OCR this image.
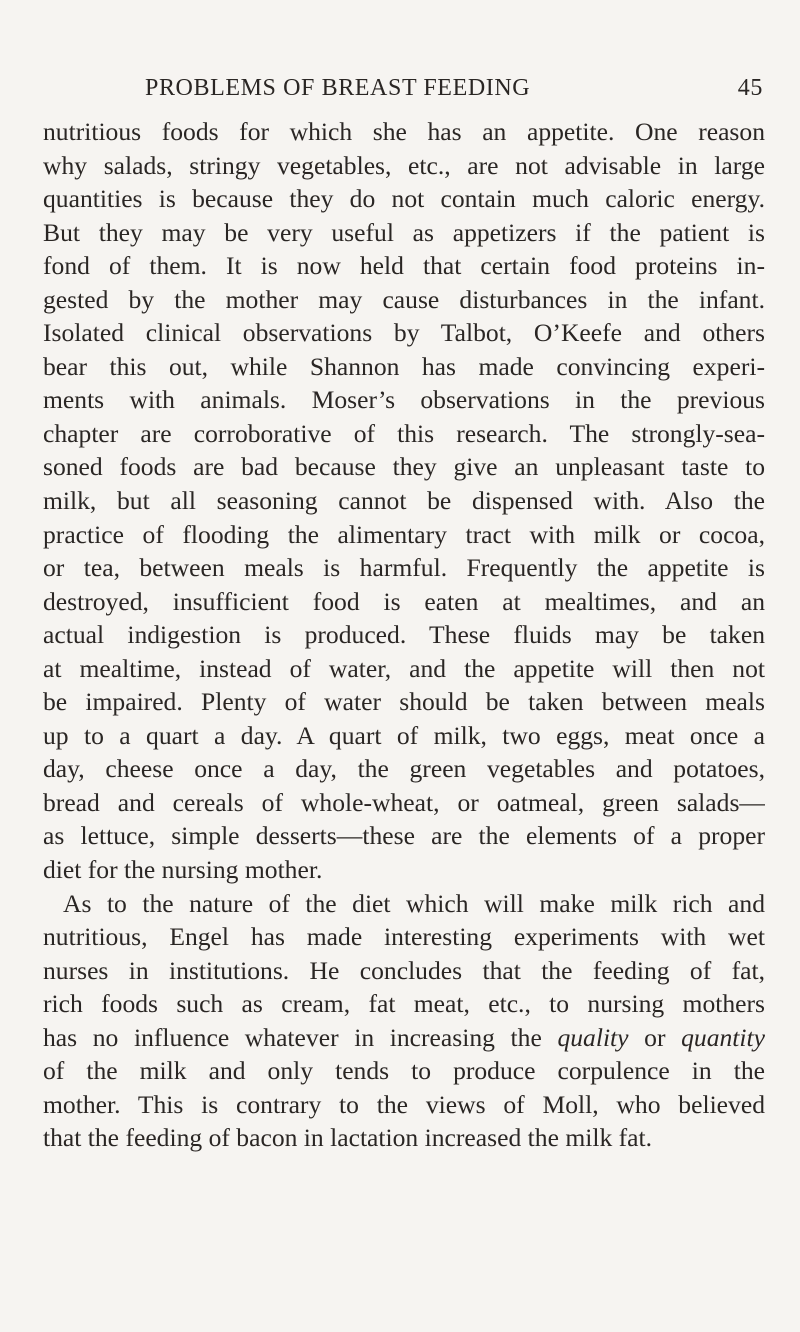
PROBLEMS OF BREAST FEEDING	45
nutritious foods for which she has an appetite. One reason
why salads, stringy vegetables, etc., are not advisable in large
quantities is because they do not contain much caloric energy.
But they may be very useful as appetizers if the patient is
fond of them. It is now held that certain food proteins in-
gested by the mother may cause disturbances in the infant.
Isolated clinical observations by Talbot, O’Keefe and others
bear this out, while Shannon has made convincing experi-
ments with animals. Moser’s observations in the previous
chapter are corroborative of this research. The strongly-sea-
soned foods are bad because they give an unpleasant taste to
milk, but all seasoning cannot be dispensed with. Also the
practice of flooding the alimentary tract with milk or cocoa,
or tea, between meals is harmful. Frequently the appetite is
destroyed, insufficient food is eaten at mealtimes, and an
actual indigestion is produced. These fluids may be taken
at mealtime, instead of water, and the appetite will then not
be impaired. Plenty of water should be taken between meals
up to a quart a day. A quart of milk, two eggs, meat once a
day, cheese once a day, the green vegetables and potatoes,
bread and cereals of whole-wheat, or oatmeal, green salads—
as lettuce, simple desserts—these are the elements of a proper
diet for the nursing mother.
As to the nature of the diet which will make milk rich and
nutritious, Engel has made interesting experiments with wet
nurses in institutions. He concludes that the feeding of fat,
rich foods such as cream, fat meat, etc., to nursing mothers
has no influence whatever in increasing the quality or quantity
of the milk and only tends to produce corpulence in the
mother. This is contrary to the views of Moll, who believed
that the feeding of bacon in lactation increased the milk fat.
